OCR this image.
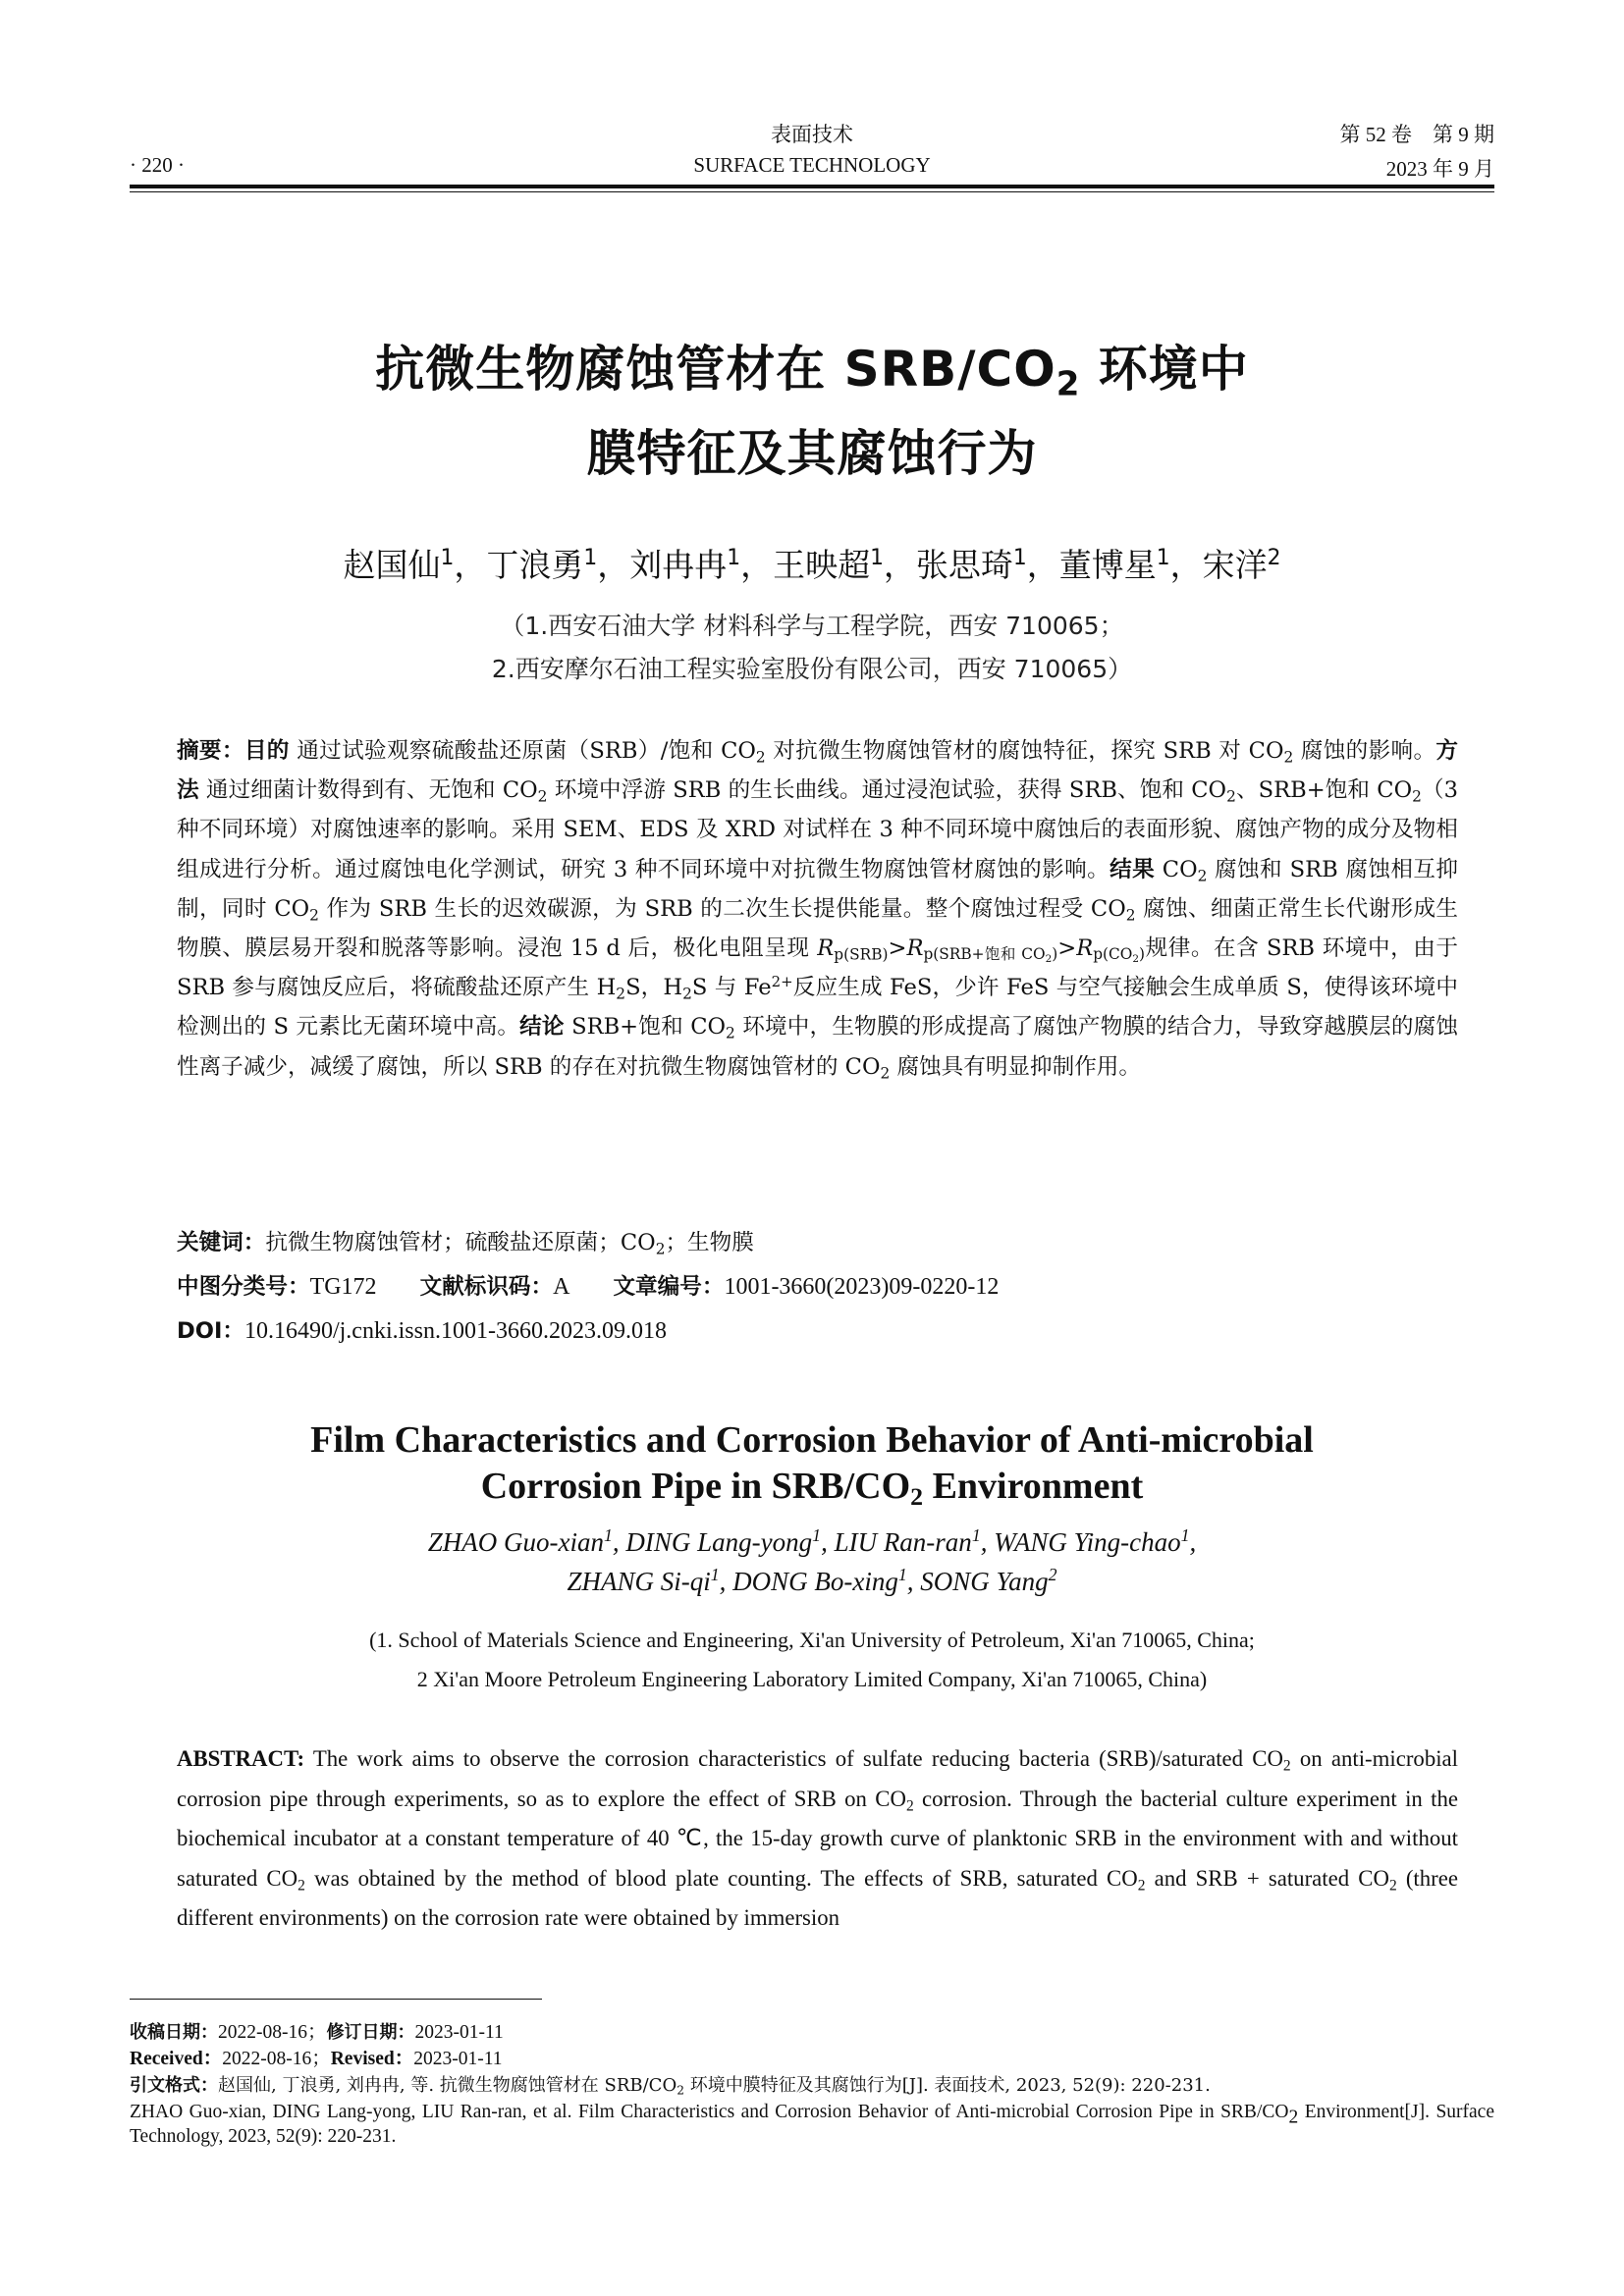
· 220 ·
表面技术
SURFACE TECHNOLOGY
第 52 卷　第 9 期
2023 年 9 月
抗微生物腐蚀管材在 SRB/$CO_2$ 环境中
膜特征及其腐蚀行为
赵国仙$^1$，丁浪勇$^1$，刘冉冉$^1$，王映超$^1$，张思琦$^1$，董博星$^1$，宋洋$^2$
（1.西安石油大学 材料科学与工程学院，西安 710065；
2.西安摩尔石油工程实验室股份有限公司，西安 710065）
摘要：目的 通过试验观察硫酸盐还原菌（SRB）/饱和 $CO_2$ 对抗微生物腐蚀管材的腐蚀特征，探究 SRB 对 $CO_2$ 腐蚀的影响。方法 通过细菌计数得到有、无饱和 $CO_2$ 环境中浮游 SRB 的生长曲线。通过浸泡试验，获得 SRB、饱和 $CO_2$、SRB+饱和 $CO_2(3$ 种不同环境）对腐蚀速率的影响。采用 SEM、EDS 及 XRD 对试样在 3 种不同环境中腐蚀后的表面形貌、腐蚀产物的成分及物相组成进行分析。通过腐蚀电化学测试，研究 3 种不同环境中对抗微生物腐蚀管材腐蚀的影响。结果 $CO_2$ 腐蚀和 SRB 腐蚀相互抑制，同时 $CO_2$ 作为 SRB 生长的迟效碳源，为 SRB 的二次生长提供能量。整个腐蚀过程受 $CO_2$ 腐蚀、细菌正常生长代谢形成生物膜、膜层易开裂和脱落等影响。浸泡 15 d 后，极化电阻呈现 $R_{p(SRB)}>R_{p(SRB+饱和 CO_2)}>R_{p(CO_2)}$规律。在含 SRB 环境中，由于 SRB 参与腐蚀反应后，将硫酸盐还原产生 $H_2S$，$H_2S$ 与 $Fe^{2+}$反应生成 FeS，少许 FeS 与空气接触会生成单质 S，使得该环境中检测出的 S 元素比无菌环境中高。结论 SRB+饱和 $CO_2$ 环境中，生物膜的形成提高了腐蚀产物膜的结合力，导致穿越膜层的腐蚀性离子减少，减缓了腐蚀，所以 SRB 的存在对抗微生物腐蚀管材的 $CO_2$ 腐蚀具有明显抑制作用。
关键词：抗微生物腐蚀管材；硫酸盐还原菌；$CO_2$；生物膜
中图分类号：TG172 文献标识码：A 文章编号：1001-3660(2023)09-0220-12
DOI：10.16490/j.cnki.issn.1001-3660.2023.09.018
Film Characteristics and Corrosion Behavior of Anti-microbial
Corrosion Pipe in SRB/$CO_2$ Environment
ZHAO Guo-xian$^1$, DING Lang-yong$^1$, LIU Ran-ran$^1$, WANG Ying-chao$^1$,
ZHANG $Si-qi^1$, DONG Bo-xing$^1$, SONG Yang$^2$
(1. School of Materials Science and Engineering, Xi'an University of Petroleum, Xi'an 710065, China;
2 Xi'an Moore Petroleum Engineering Laboratory Limited Company, Xi'an 710065, China)
ABSTRACT: The work aims to observe the corrosion characteristics of sulfate reducing bacteria (SRB)/saturated $CO_2$ on anti-microbial corrosion pipe through experiments, so as to explore the effect of SRB on $CO_2$ corrosion. Through the bacterial culture experiment in the biochemical incubator at a constant temperature of 40 ℃, the 15-day growth curve of planktonic SRB in the environment with and without saturated $CO_2$ was obtained by the method of blood plate counting. The effects of SRB, saturated $CO_2$ and SRB + saturated $CO_2$ (three different environments) on the corrosion rate were obtained by immersion
收稿日期：2022-08-16；修订日期：2023-01-11
Received：2022-08-16；Revised：2023-01-11
引文格式：赵国仙, 丁浪勇, 刘冉冉, 等. 抗微生物腐蚀管材在 SRB/$CO_2$ 环境中膜特征及其腐蚀行为[J]. 表面技术, 2023, 52(9): 220-231.
ZHAO Guo-xian, DING Lang-yong, LIU Ran-ran, et al. Film Characteristics and Corrosion Behavior of Anti-microbial Corrosion Pipe in SRB/$CO_2$ Environment[J]. Surface Technology, 2023, 52(9): 220-231.
